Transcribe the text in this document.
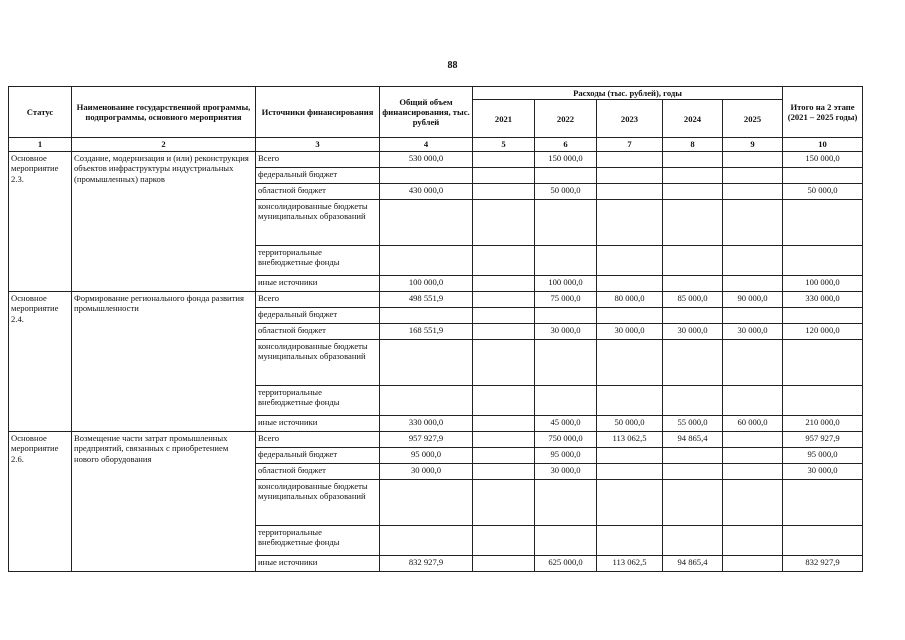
88
Статус	Наименование государственной программы, подпрограммы, основного мероприятия	Источники финансирования	Общий объем финансирования, тыс. рублей	Расходы (тыс. рублей), годы					Итого на 2 этапе (2021 – 2025 годы)
				2021	2022	2023	2024	2025	
1	2	3	4	5	6	7	8	9	10
Основное мероприятие 2.3.	Создание, модернизация и (или) реконструкция объектов инфраструктуры индустриальных (промышленных) парков	Всего	530 000,0		150 000,0				150 000,0
		федеральный бюджет							
		областной бюджет	430 000,0		50 000,0				50 000,0
		консолидированные бюджеты муниципальных образований							
		территориальные внебюджетные фонды							
		иные источники	100 000,0		100 000,0				100 000,0
Основное мероприятие 2.4.	Формирование регионального фонда развития промышленности	Всего	498 551,9		75 000,0	80 000,0	85 000,0	90 000,0	330 000,0
		федеральный бюджет							
		областной бюджет	168 551,9		30 000,0	30 000,0	30 000,0	30 000,0	120 000,0
		консолидированные бюджеты муниципальных образований							
		территориальные внебюджетные фонды							
		иные источники	330 000,0		45 000,0	50 000,0	55 000,0	60 000,0	210 000,0
Основное мероприятие 2.6.	Возмещение части затрат промышленных предприятий, связанных с приобретением нового оборудования	Всего	957 927,9		750 000,0	113 062,5	94 865,4		957 927,9
		федеральный бюджет	95 000,0		95 000,0				95 000,0
		областной бюджет	30 000,0		30 000,0				30 000,0
		консолидированные бюджеты муниципальных образований							
		территориальные внебюджетные фонды							
		иные источники	832 927,9		625 000,0	113 062,5	94 865,4		832 927,9
